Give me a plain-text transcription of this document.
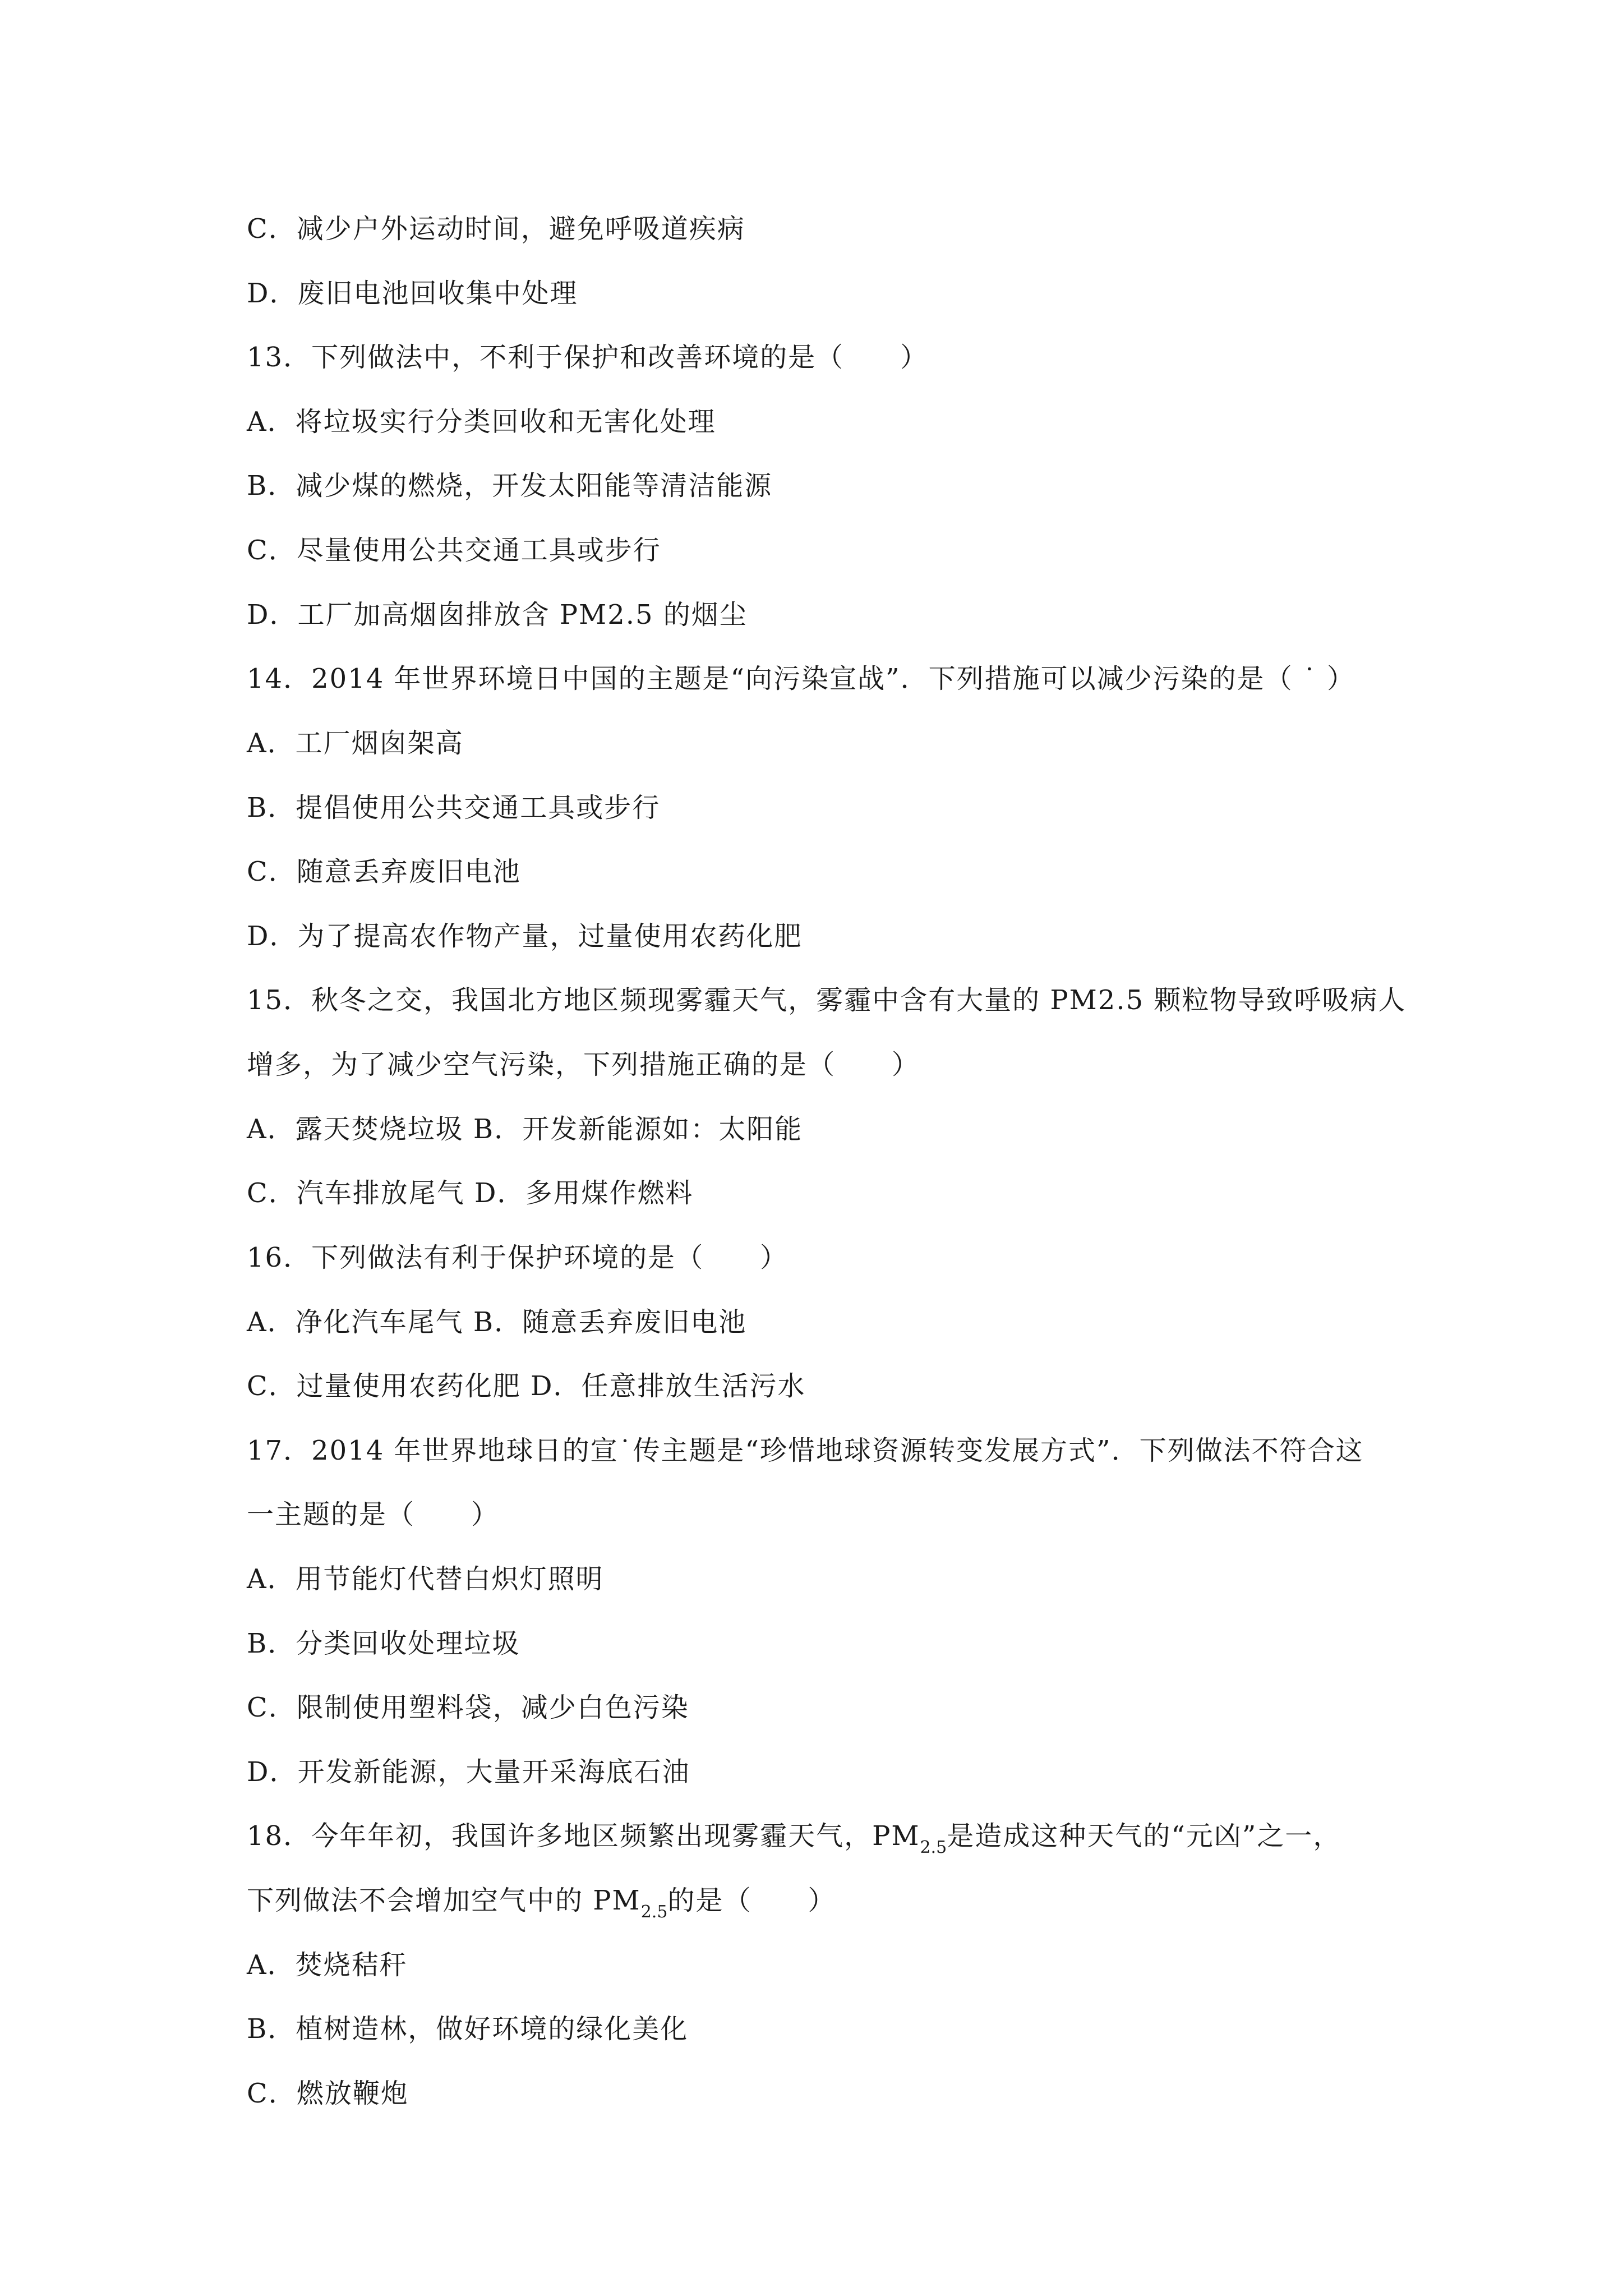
C．减少户外运动时间，避免呼吸道疾病
D．废旧电池回收集中处理
13．下列做法中，不利于保护和改善环境的是（　　）
A．将垃圾实行分类回收和无害化处理
B．减少煤的燃烧，开发太阳能等清洁能源
C．尽量使用公共交通工具或步行
D．工厂加高烟囱排放含 PM2.5 的烟尘
14．2014 年世界环境日中国的主题是“向污染宣战”．下列措施可以减少污染的是（ ˙ ）
A．工厂烟囱架高
B．提倡使用公共交通工具或步行
C．随意丢弃废旧电池
D．为了提高农作物产量，过量使用农药化肥
15．秋冬之交，我国北方地区频现雾霾天气，雾霾中含有大量的 PM2.5 颗粒物导致呼吸病人
增多，为了减少空气污染，下列措施正确的是（　　）
A．露天焚烧垃圾 B．开发新能源如：太阳能
C．汽车排放尾气 D．多用煤作燃料
16．下列做法有利于保护环境的是（　　）
A．净化汽车尾气 B．随意丢弃废旧电池
C．过量使用农药化肥 D．任意排放生活污水
17．2014 年世界地球日的宣˙传主题是“珍惜地球资源转变发展方式”．下列做法不符合这
一主题的是（　　）
A．用节能灯代替白炽灯照明
B．分类回收处理垃圾
C．限制使用塑料袋，减少白色污染
D．开发新能源，大量开采海底石油
18．今年年初，我国许多地区频繁出现雾霾天气，$PM_{2.5}$是造成这种天气的“元凶”之一，
下列做法不会增加空气中的 $PM_{2.5}$的是（　　）
A．焚烧秸秆
B．植树造林，做好环境的绿化美化
C．燃放鞭炮
